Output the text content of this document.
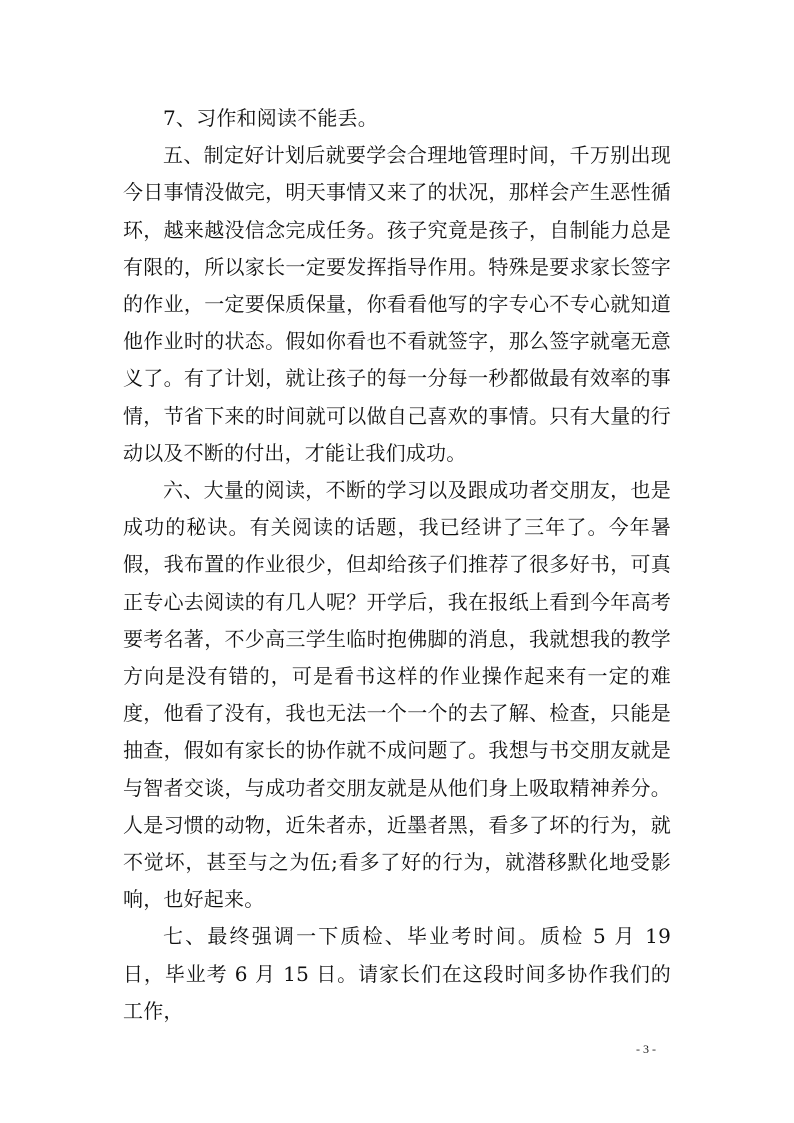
7、习作和阅读不能丢。

五、制定好计划后就要学会合理地管理时间，千万别出现今日事情没做完，明天事情又来了的状况，那样会产生恶性循环，越来越没信念完成任务。孩子究竟是孩子，自制能力总是有限的，所以家长一定要发挥指导作用。特殊是要求家长签字的作业，一定要保质保量，你看看他写的字专心不专心就知道他作业时的状态。假如你看也不看就签字，那么签字就毫无意义了。有了计划，就让孩子的每一分每一秒都做最有效率的事情，节省下来的时间就可以做自己喜欢的事情。只有大量的行动以及不断的付出，才能让我们成功。

六、大量的阅读，不断的学习以及跟成功者交朋友，也是成功的秘诀。有关阅读的话题，我已经讲了三年了。今年暑假，我布置的作业很少，但却给孩子们推荐了很多好书，可真正专心去阅读的有几人呢？开学后，我在报纸上看到今年高考要考名著，不少高三学生临时抱佛脚的消息，我就想我的教学方向是没有错的，可是看书这样的作业操作起来有一定的难度，他看了没有，我也无法一个一个的去了解、检查，只能是抽查，假如有家长的协作就不成问题了。我想与书交朋友就是与智者交谈，与成功者交朋友就是从他们身上吸取精神养分。人是习惯的动物，近朱者赤，近墨者黑，看多了坏的行为，就不觉坏，甚至与之为伍;看多了好的行为，就潜移默化地受影响，也好起来。

七、最终强调一下质检、毕业考时间。质检 5 月 19 日，毕业考 6 月 15 日。请家长们在这段时间多协作我们的工作，

- 3 -
